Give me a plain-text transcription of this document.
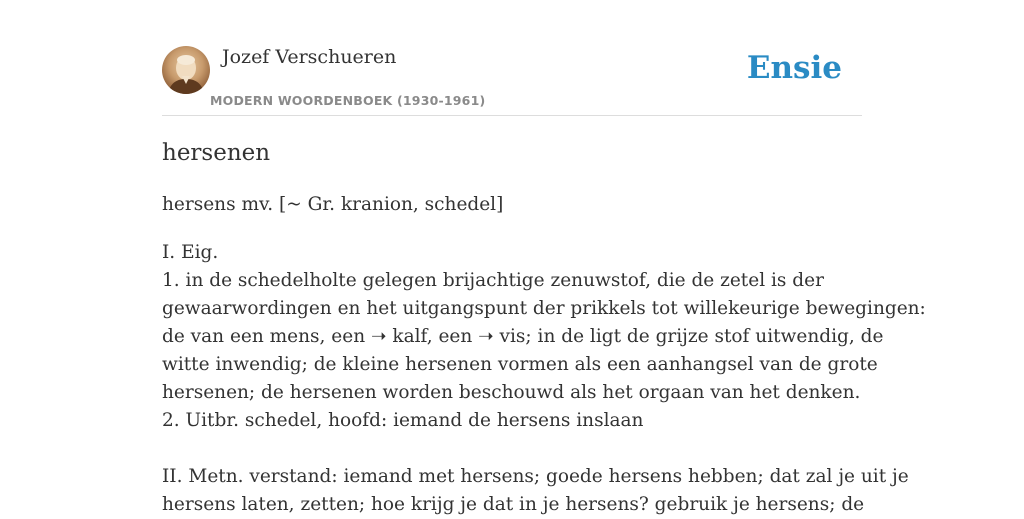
Jozef Verschueren
MODERN WOORDENBOEK (1930-1961)
Ensie
hersenen
hersens mv. [~ Gr. kranion, schedel]
I. Eig.
1. in de schedelholte gelegen brijachtige zenuwstof, die de zetel is der
gewaarwordingen en het uitgangspunt der prikkels tot willekeurige bewegingen:
de van een mens, een ➝ kalf, een ➝ vis; in de ligt de grijze stof uitwendig, de
witte inwendig; de kleine hersenen vormen als een aanhangsel van de grote
hersenen; de hersenen worden beschouwd als het orgaan van het denken.
2. Uitbr. schedel, hoofd: iemand de hersens inslaan
II. Metn. verstand: iemand met hersens; goede hersens hebben; dat zal je uit je
hersens laten, zetten; hoe krijg je dat in je hersens? gebruik je hersens; de
